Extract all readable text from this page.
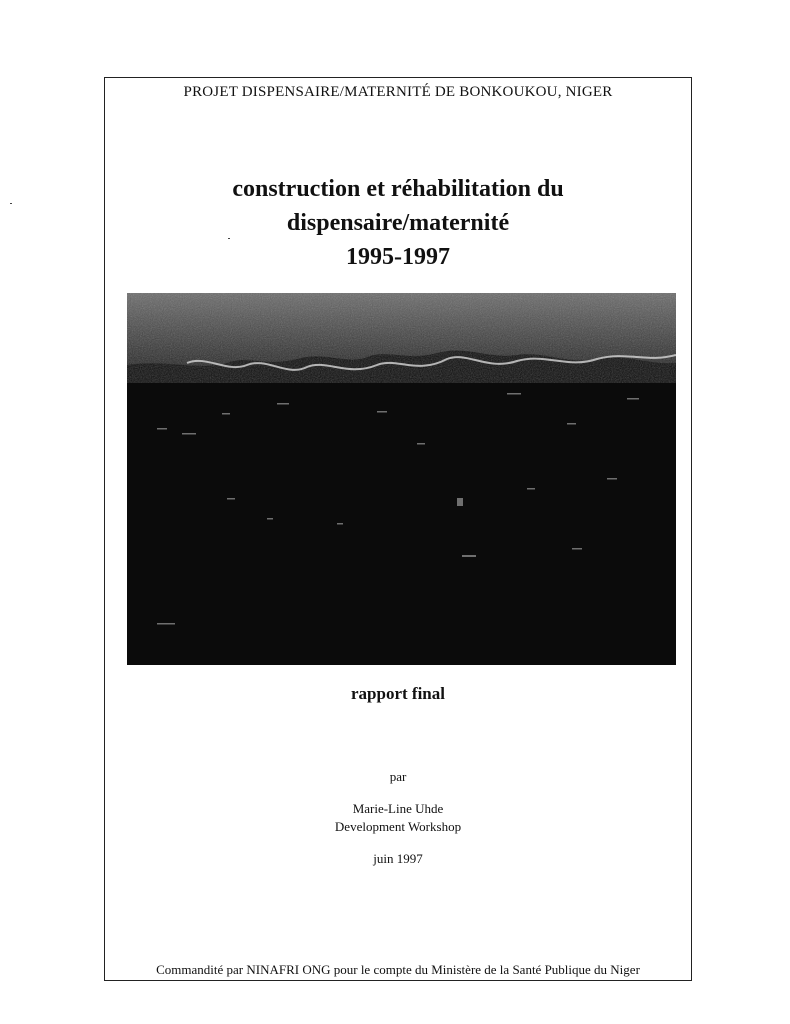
PROJET DISPENSAIRE/MATERNITÉ DE BONKOUKOU, NIGER
construction et réhabilitation du
dispensaire/maternité
1995-1997
rapport final
par
Marie-Line Uhde
Development Workshop
juin 1997
Commandité par NINAFRI ONG pour le compte du Ministère de la Santé Publique du Niger
